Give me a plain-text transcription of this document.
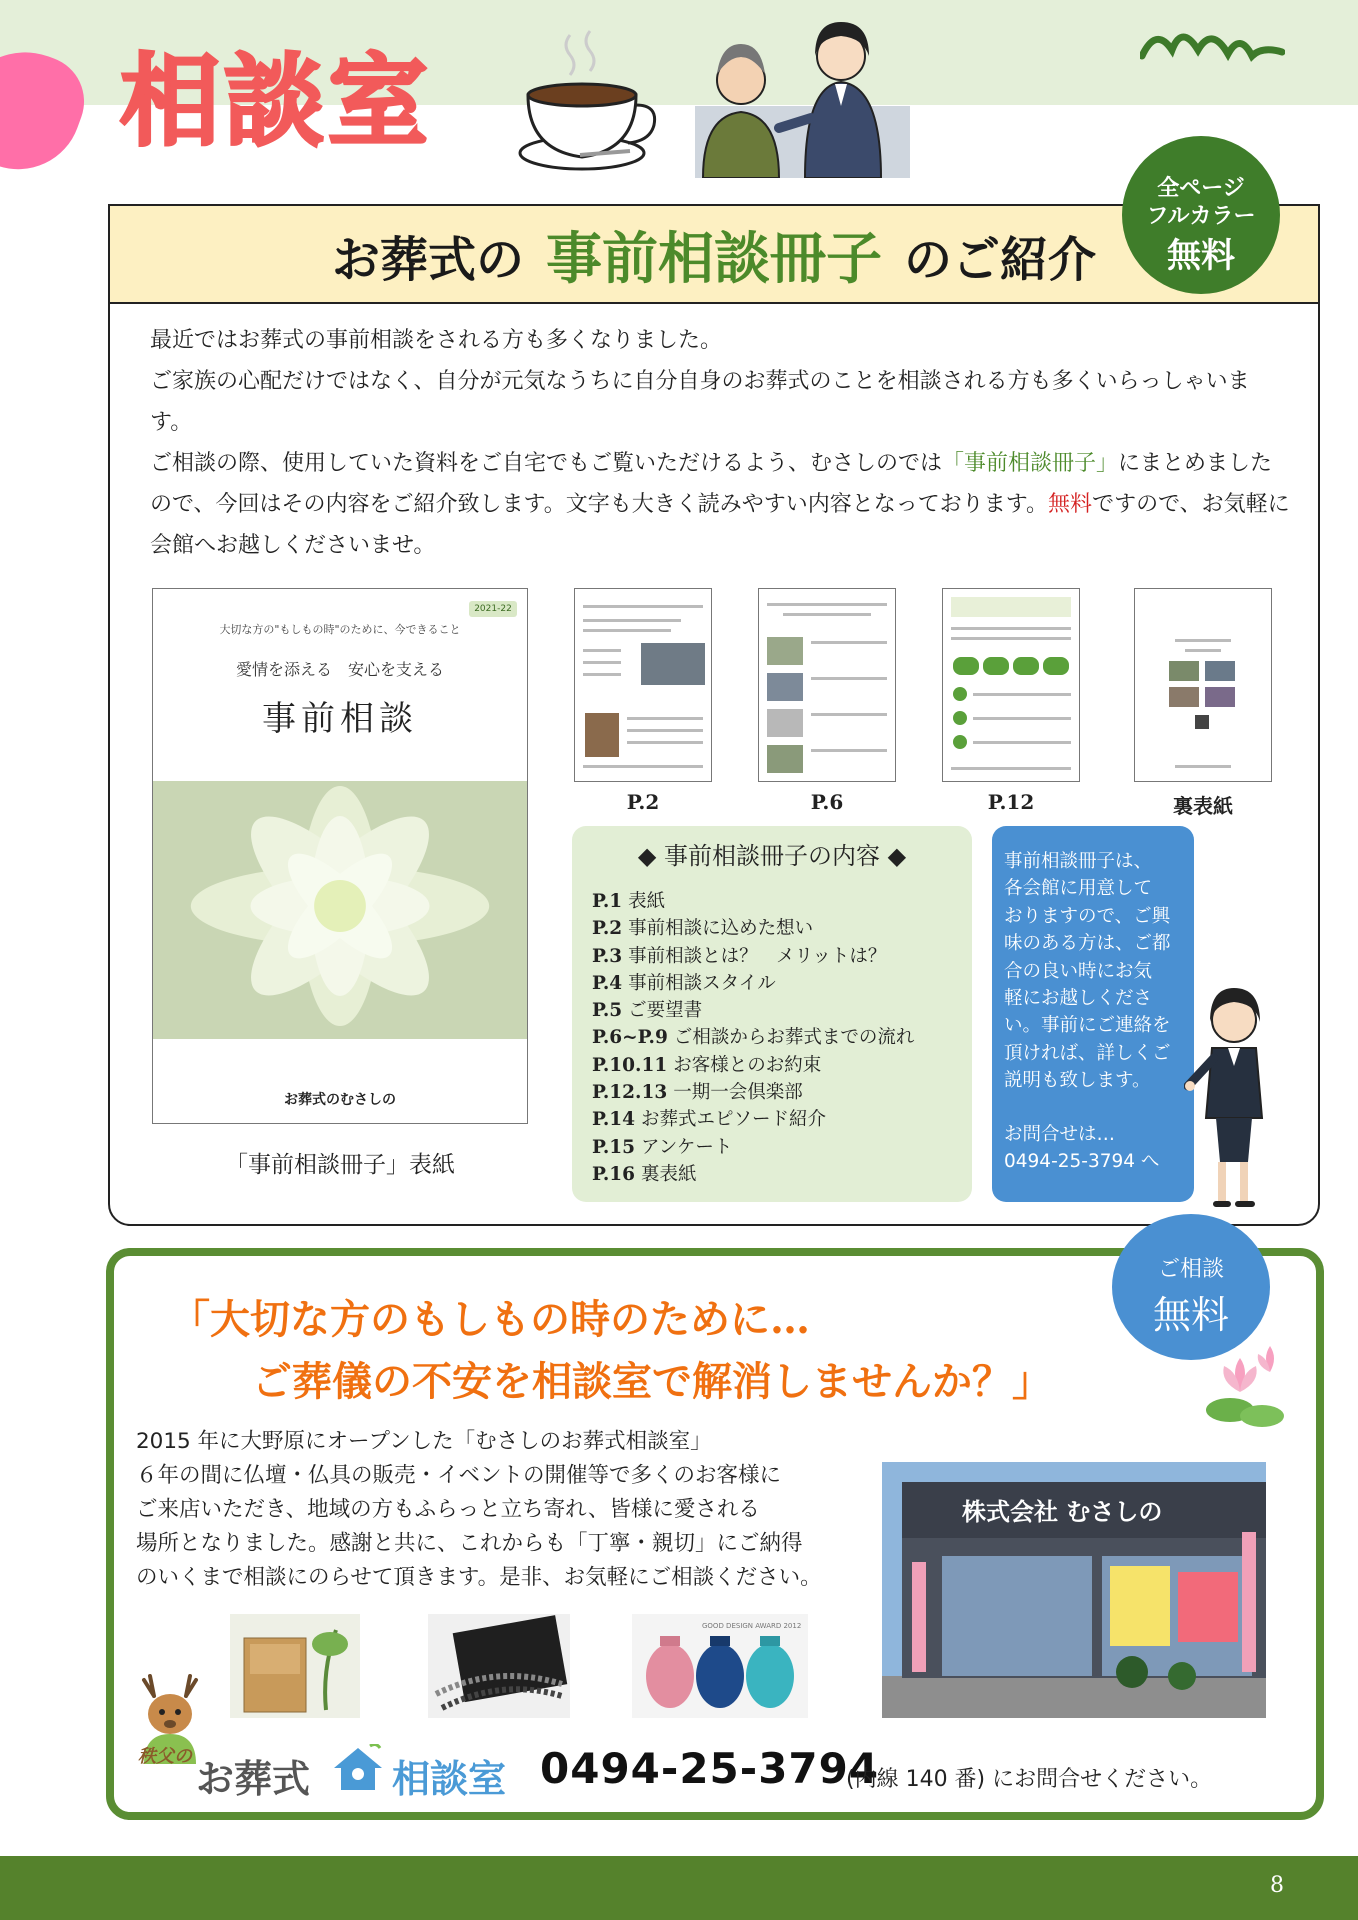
相談室
お葬式の 事前相談冊子 のご紹介
全ページ
フルカラー
無料

最近ではお葬式の事前相談をされる方も多くなりました。

ご家族の心配だけではなく、自分が元気なうちに自分自身のお葬式のことを相談される方も多くいらっしゃいます。

ご相談の際、使用していた資料をご自宅でもご覧いただけるよう、むさしのでは「事前相談冊子」にまとめましたので、今回はその内容をご紹介致します。文字も大きく読みやすい内容となっております。無料ですので、お気軽に会館へお越しくださいませ。

2021-22
大切な方の"もしもの時"のために、今できること
愛情を添える　安心を支える
事前相談
お葬式のむさしの
「事前相談冊子」表紙
P.2	P.6	P.12	裏表紙
◆ 事前相談冊子の内容 ◆
P.1 表紙
P.2 事前相談に込めた想い
P.3 事前相談とは？　メリットは？
P.4 事前相談スタイル
P.5 ご要望書
P.6~P.9 ご相談からお葬式までの流れ
P.10.11 お客様とのお約束
P.12.13 一期一会倶楽部
P.14 お葬式エピソード紹介
P.15 アンケート
P.16 裏表紙
事前相談冊子は、
各会館に用意して
おりますので、ご興
味のある方は、ご都
合の良い時にお気
軽にお越しくださ
い。事前にご連絡を
頂ければ、詳しくご
説明も致します。
お問合せは…
0494-25-3794 へ
ご相談
無料
「大切な方のもしもの時のために…
ご葬儀の不安を相談室で解消しませんか？」

2015 年に大野原にオープンした「むさしのお葬式相談室」

６年の間に仏壇・仏具の販売・イベントの開催等で多くのお客様に

ご来店いただき、地域の方もふらっと立ち寄れ、皆様に愛される

場所となりました。感謝と共に、これからも「丁寧・親切」にご納得

のいくまで相談にのらせて頂きます。是非、お気軽にご相談ください。

株式会社 むさしの
GOOD DESIGN AWARD 2012
秩父の
お葬式 相談室 0494-25-3794
(内線 140 番) にお問合せください。
8
